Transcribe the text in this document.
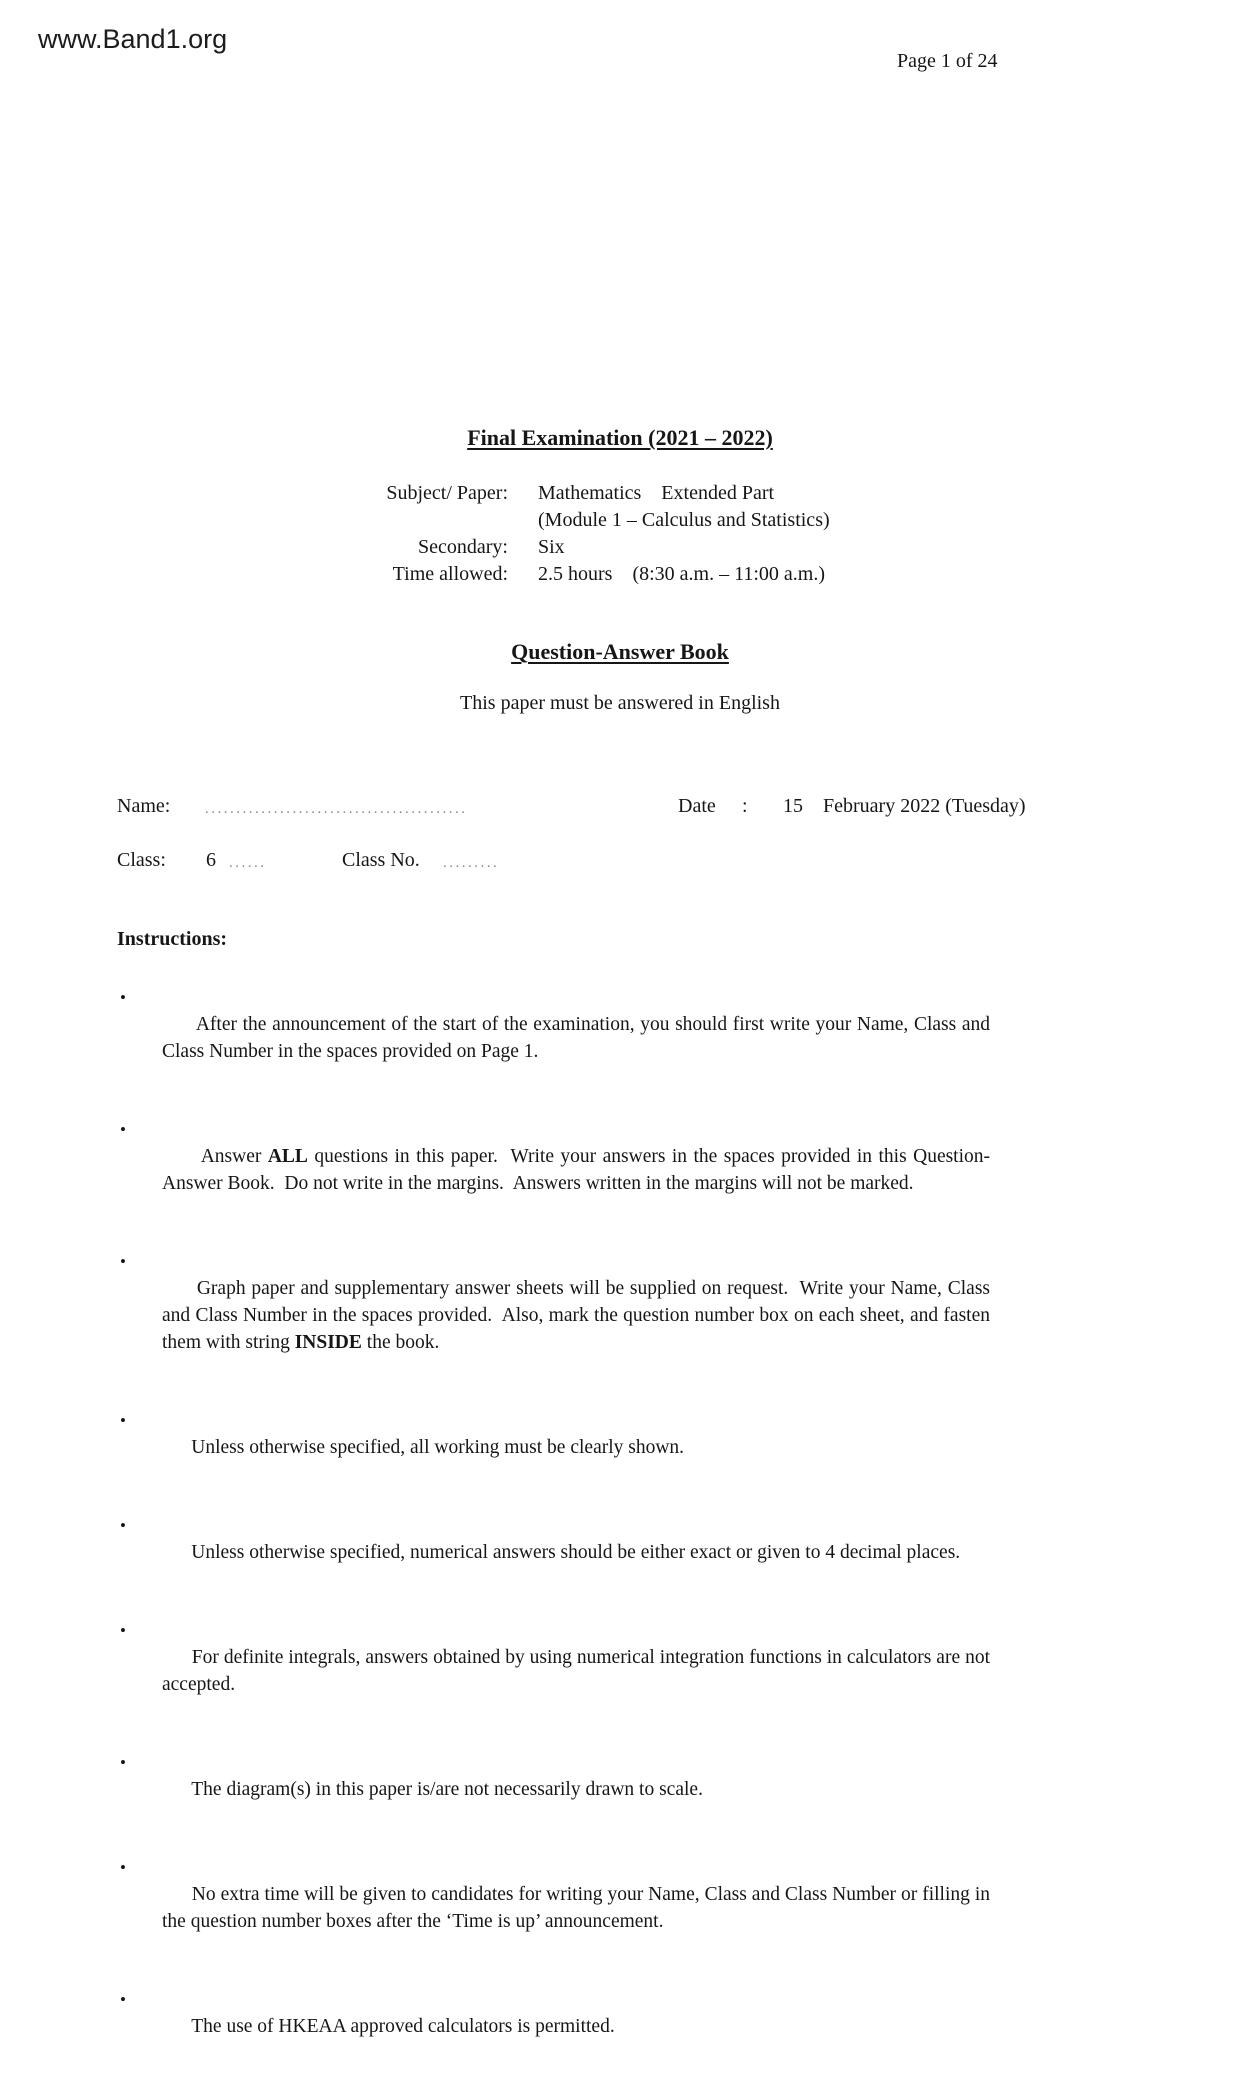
www.Band1.org
Page 1 of 24
Final Examination (2021 – 2022)
Subject/ Paper:	Mathematics    Extended Part
(Module 1 – Calculus and Statistics)
Secondary:	Six
Time allowed:	2.5 hours    (8:30 a.m. – 11:00 a.m.)
Question-Answer Book
This paper must be answered in English
Name: ..........................................	Date : 15 February 2022 (Tuesday)
Class: 6 ......	Class No. .........
Instructions:

•
After the announcement of the start of the examination, you should first write your Name, Class and Class Number in the spaces provided on Page 1.

•
Answer ALL questions in this paper.  Write your answers in the spaces provided in this Question-Answer Book.  Do not write in the margins.  Answers written in the margins will not be marked.

•
Graph paper and supplementary answer sheets will be supplied on request.  Write your Name, Class and Class Number in the spaces provided.  Also, mark the question number box on each sheet, and fasten them with string INSIDE the book.

•
Unless otherwise specified, all working must be clearly shown.

•
Unless otherwise specified, numerical answers should be either exact or given to 4 decimal places.

•
For definite integrals, answers obtained by using numerical integration functions in calculators are not accepted.

•
The diagram(s) in this paper is/are not necessarily drawn to scale.

•
No extra time will be given to candidates for writing your Name, Class and Class Number or filling in the question number boxes after the ‘Time is up’ announcement.

•
The use of HKEAA approved calculators is permitted.
